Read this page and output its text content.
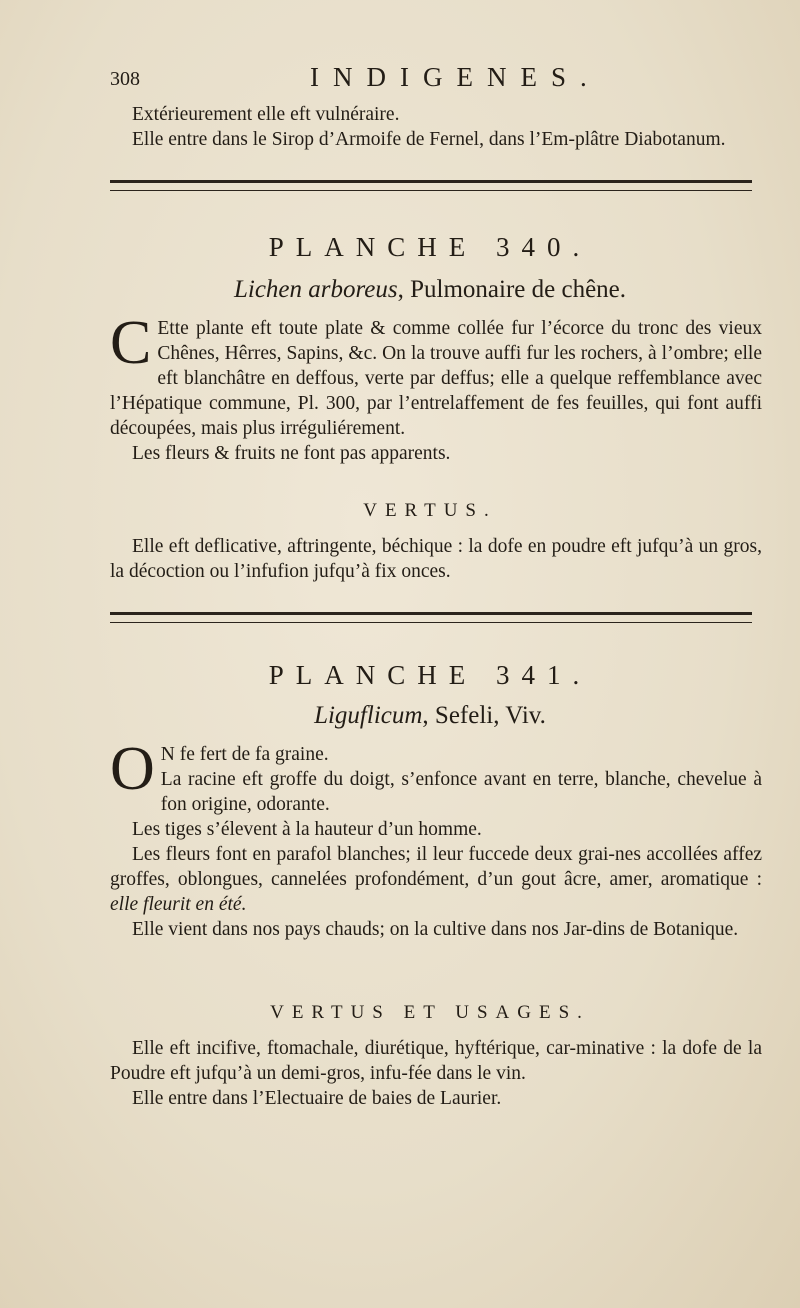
308	INDIGENES.

Extérieurement elle eft vulnéraire.

Elle entre dans le Sirop d’Armoife de Fernel, dans l’Em-plâtre Diabotanum.

PLANCHE 340.
Lichen arboreus, Pulmonaire de chêne.

C Ette plante eft toute plate & comme collée fur l’écorce du tronc des vieux Chênes, Hêrres, Sapins, &c. On la trouve auffi fur les rochers, à l’ombre; elle eft blanchâtre en deffous, verte par deffus; elle a quelque reffemblance avec l’Hépatique commune, Pl. 300, par l’entrelaffement de fes feuilles, qui font auffi découpées, mais plus irréguliérement.

Les fleurs & fruits ne font pas apparents.

VERTUS.

Elle eft deflicative, aftringente, béchique : la dofe en poudre eft jufqu’à un gros, la décoction ou l’infufion jufqu’à fix onces.

PLANCHE 341.
Liguflicum, Sefeli, Viv.

O N fe fert de fa graine.

La racine eft groffe du doigt, s’enfonce avant en terre, blanche, chevelue à fon origine, odorante.

Les tiges s’élevent à la hauteur d’un homme.

Les fleurs font en parafol blanches; il leur fuccede deux grai-nes accollées affez groffes, oblongues, cannelées profondément, d’un gout âcre, amer, aromatique : elle fleurit en été.

Elle vient dans nos pays chauds; on la cultive dans nos Jar-dins de Botanique.

VERTUS ET USAGES.

Elle eft incifive, ftomachale, diurétique, hyftérique, car-minative : la dofe de la Poudre eft jufqu’à un demi-gros, infu-fée dans le vin.

Elle entre dans l’Electuaire de baies de Laurier.
